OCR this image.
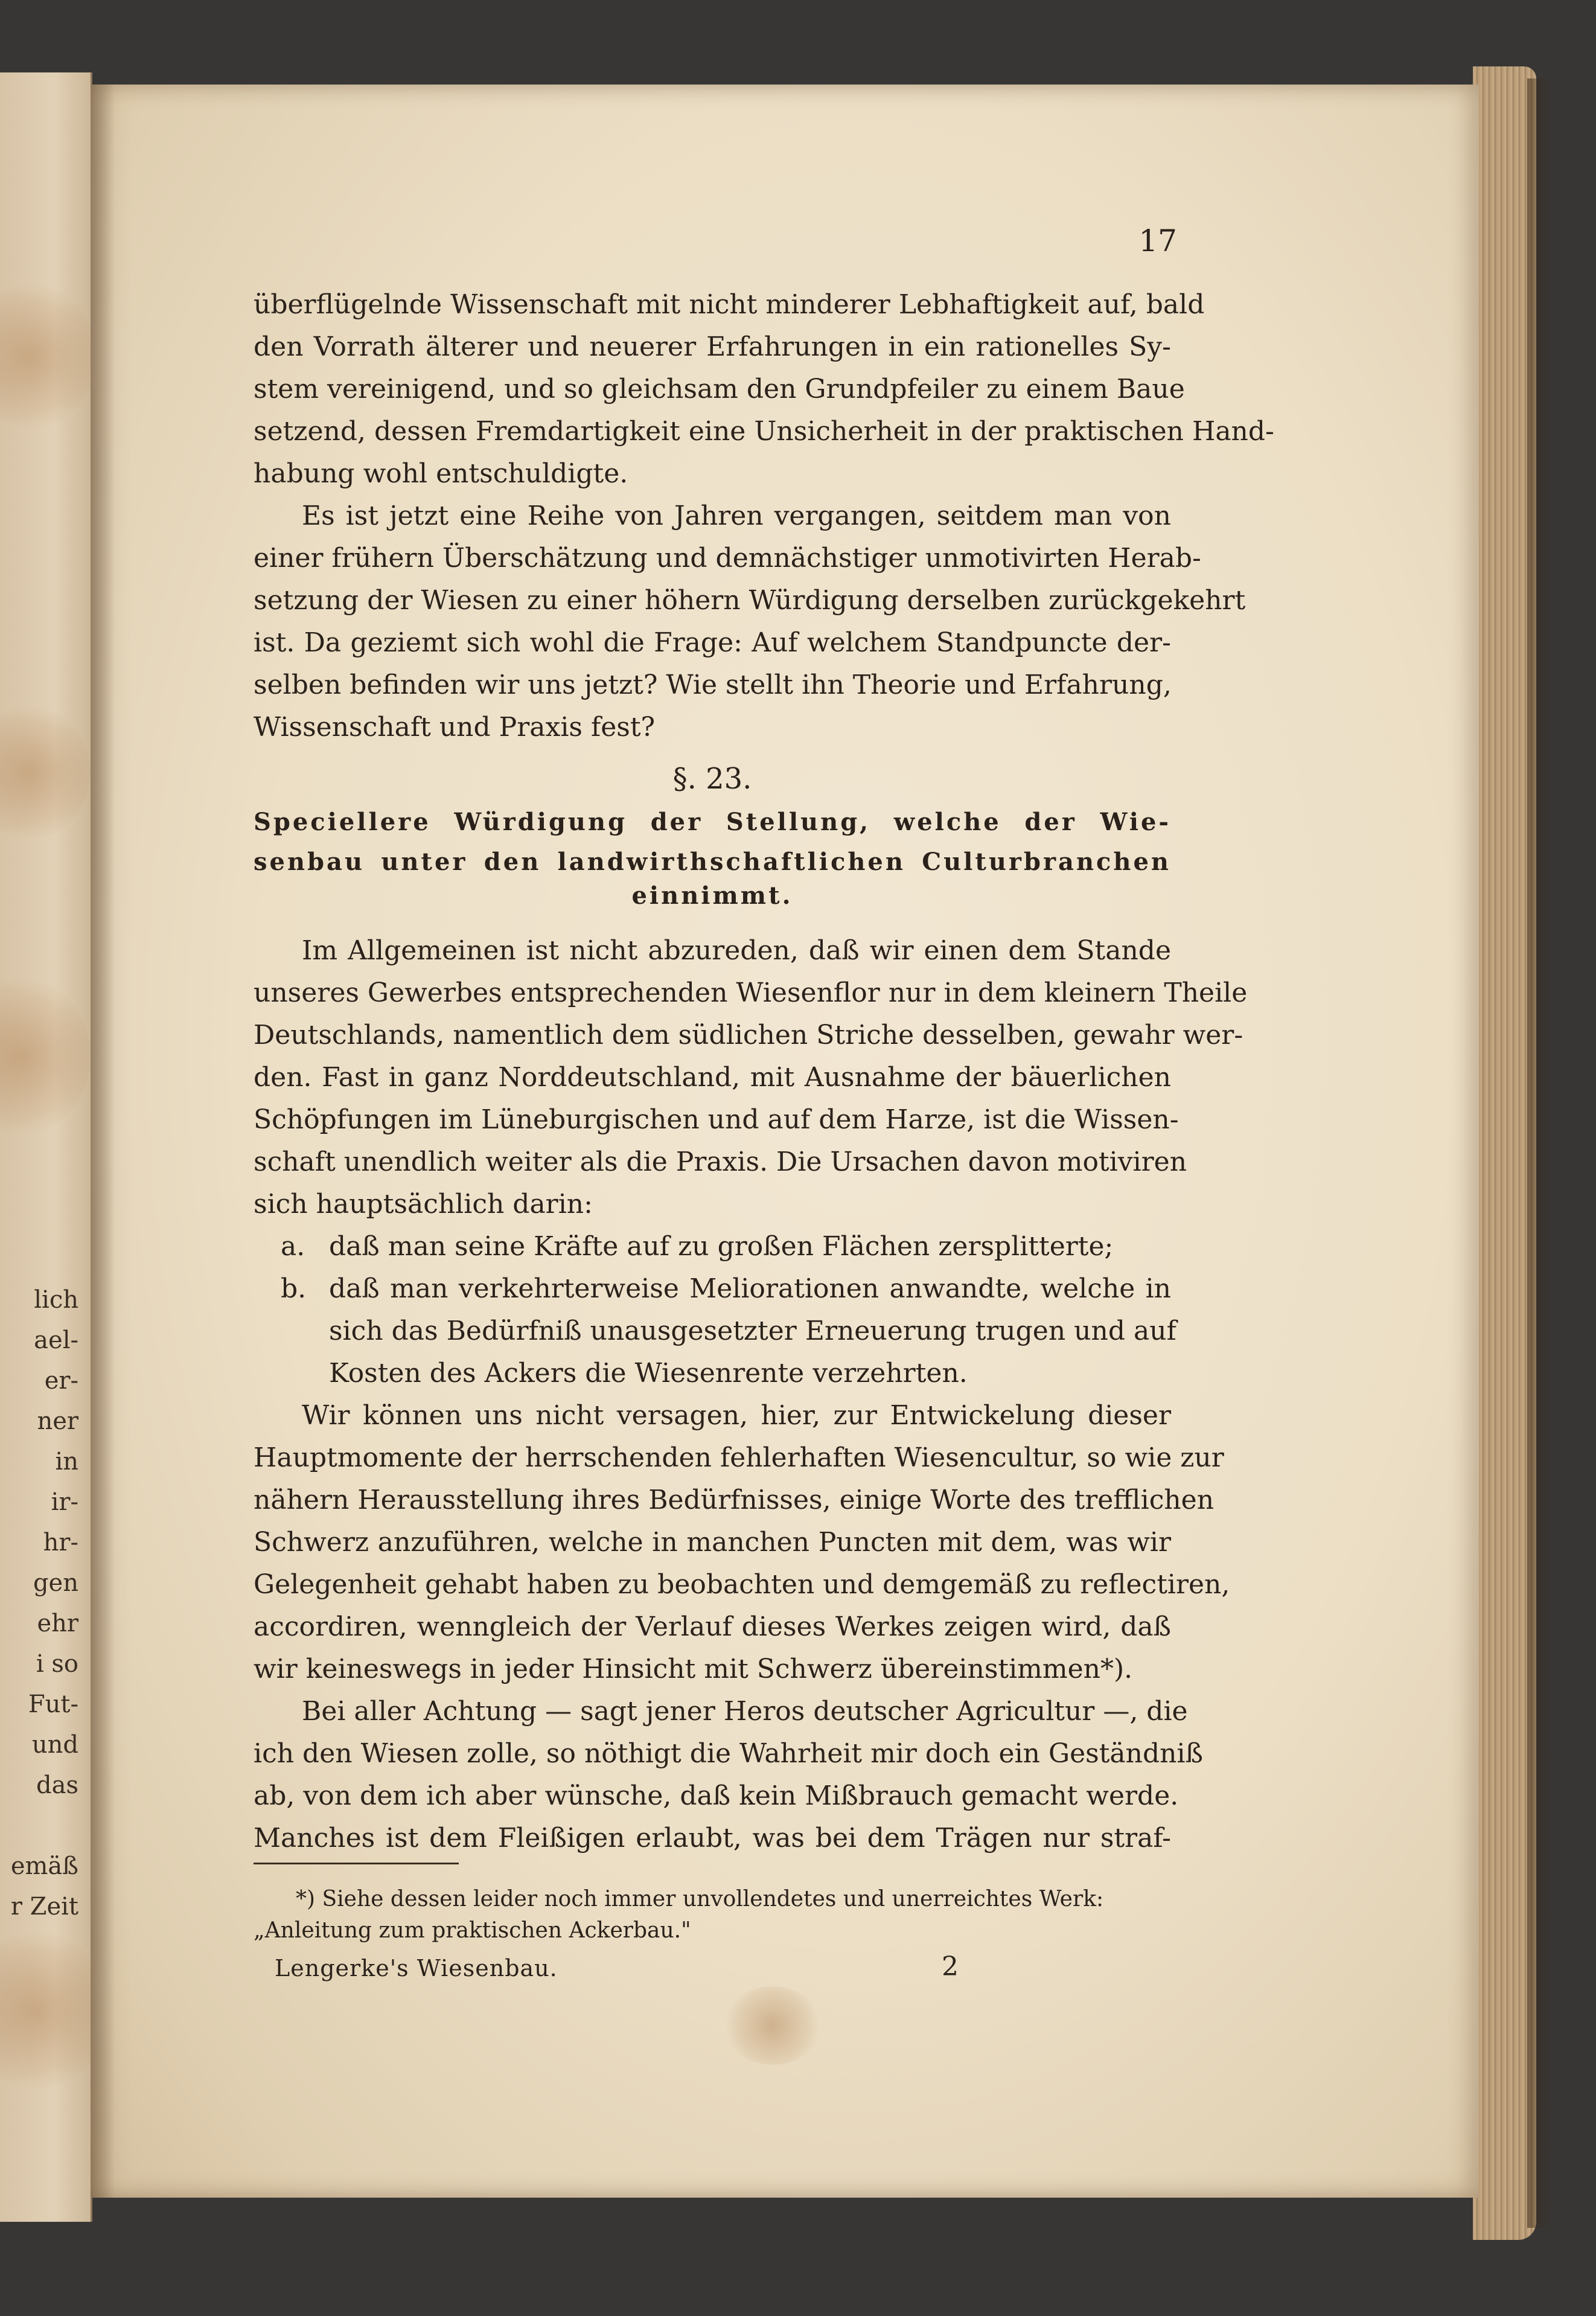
lich
ael-
er-
ner
in
ir-
hr-
gen
ehr
i so
Fut-
und
das
emäß
r Zeit
17
überflügelnde Wissenschaft mit nicht minderer Lebhaftigkeit auf, bald
den Vorrath älterer und neuerer Erfahrungen in ein rationelles Sy-
stem vereinigend, und so gleichsam den Grundpfeiler zu einem Baue
setzend, dessen Fremdartigkeit eine Unsicherheit in der praktischen Hand-
habung wohl entschuldigte.
Es ist jetzt eine Reihe von Jahren vergangen, seitdem man von
einer frühern Überschätzung und demnächstiger unmotivirten Herab-
setzung der Wiesen zu einer höhern Würdigung derselben zurückgekehrt
ist. Da geziemt sich wohl die Frage: Auf welchem Standpuncte der-
selben befinden wir uns jetzt? Wie stellt ihn Theorie und Erfahrung,
Wissenschaft und Praxis fest?
§. 23.
Speciellere Würdigung der Stellung, welche der Wie-
senbau unter den landwirthschaftlichen Culturbranchen
einnimmt.
Im Allgemeinen ist nicht abzureden, daß wir einen dem Stande
unseres Gewerbes entsprechenden Wiesenflor nur in dem kleinern Theile
Deutschlands, namentlich dem südlichen Striche desselben, gewahr wer-
den. Fast in ganz Norddeutschland, mit Ausnahme der bäuerlichen
Schöpfungen im Lüneburgischen und auf dem Harze, ist die Wissen-
schaft unendlich weiter als die Praxis. Die Ursachen davon motiviren
sich hauptsächlich darin:
a. daß man seine Kräfte auf zu großen Flächen zersplitterte;
b. daß man verkehrterweise Meliorationen anwandte, welche in
sich das Bedürfniß unausgesetzter Erneuerung trugen und auf
Kosten des Ackers die Wiesenrente verzehrten.
Wir können uns nicht versagen, hier, zur Entwickelung dieser
Hauptmomente der herrschenden fehlerhaften Wiesencultur, so wie zur
nähern Herausstellung ihres Bedürfnisses, einige Worte des trefflichen
Schwerz anzuführen, welche in manchen Puncten mit dem, was wir
Gelegenheit gehabt haben zu beobachten und demgemäß zu reflectiren,
accordiren, wenngleich der Verlauf dieses Werkes zeigen wird, daß
wir keineswegs in jeder Hinsicht mit Schwerz übereinstimmen*).
Bei aller Achtung — sagt jener Heros deutscher Agricultur —, die
ich den Wiesen zolle, so nöthigt die Wahrheit mir doch ein Geständniß
ab, von dem ich aber wünsche, daß kein Mißbrauch gemacht werde.
Manches ist dem Fleißigen erlaubt, was bei dem Trägen nur straf-
*) Siehe dessen leider noch immer unvollendetes und unerreichtes Werk:
„Anleitung zum praktischen Ackerbau."
Lengerke's Wiesenbau.	2
